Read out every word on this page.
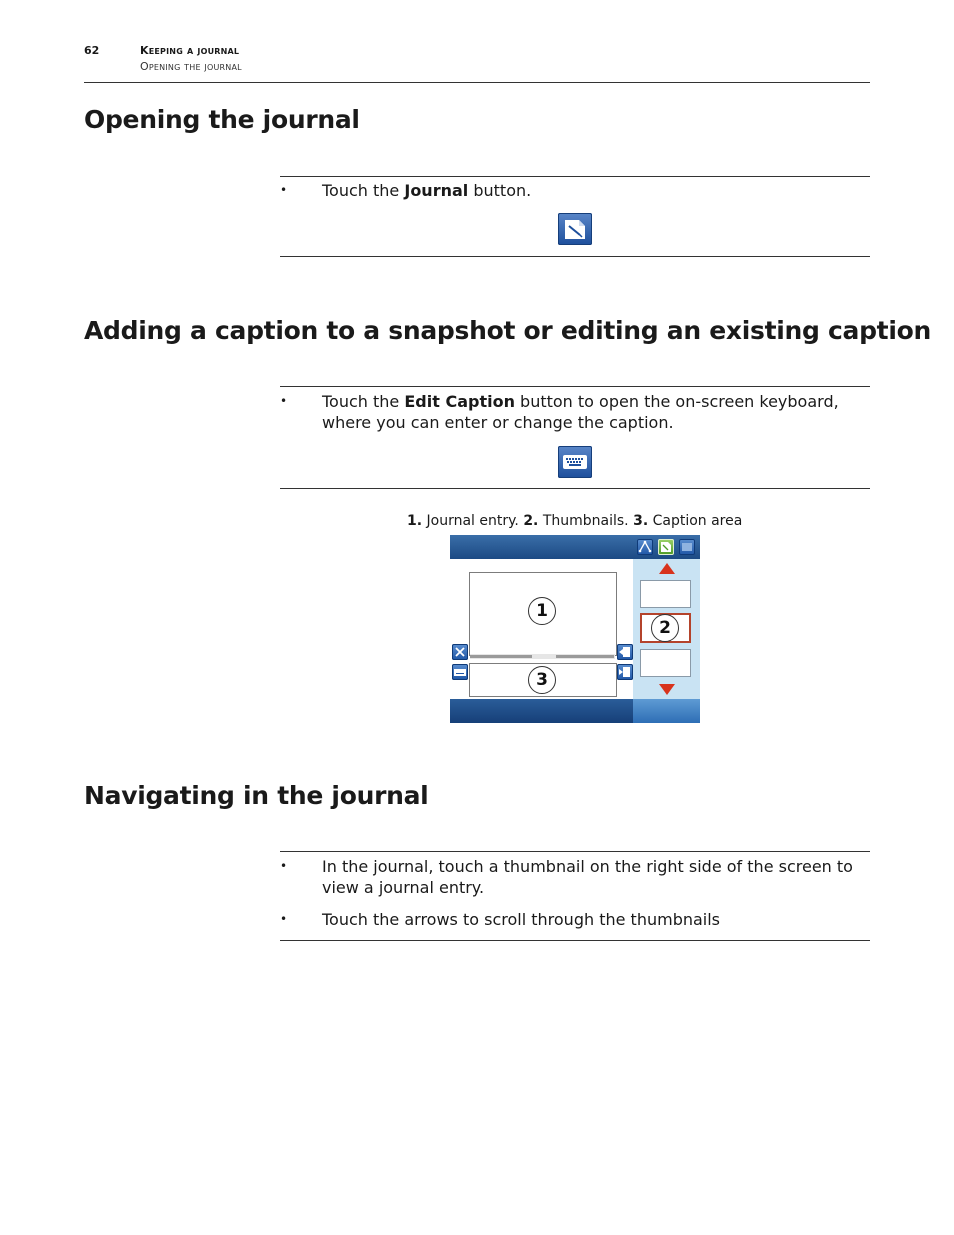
62	Keeping a journal
Opening the journal
Opening the journal
• Touch the Journal button.
Adding a caption to a snapshot or editing an existing caption
• Touch the Edit Caption button to open the on-screen keyboard, where you can enter or change the caption.
1. Journal entry. 2. Thumbnails. 3. Caption area
1
3
2
Navigating in the journal
• In the journal, touch a thumbnail on the right side of the screen to view a journal entry.
• Touch the arrows to scroll through the thumbnails
